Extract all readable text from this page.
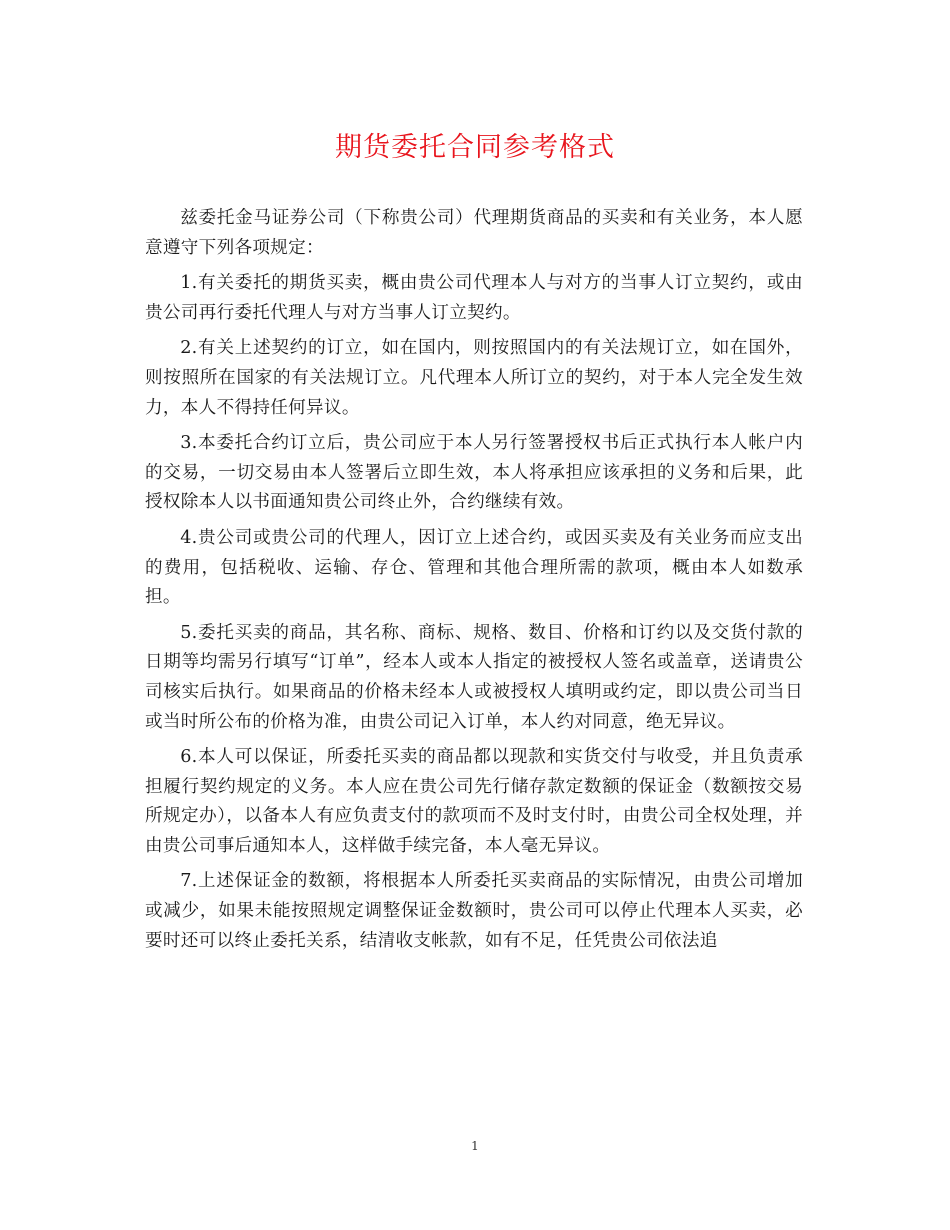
期货委托合同参考格式

兹委托金马证券公司（下称贵公司）代理期货商品的买卖和有关业务，本人愿意遵守下列各项规定：

1.有关委托的期货买卖，概由贵公司代理本人与对方的当事人订立契约，或由贵公司再行委托代理人与对方当事人订立契约。

2.有关上述契约的订立，如在国内，则按照国内的有关法规订立，如在国外，则按照所在国家的有关法规订立。凡代理本人所订立的契约，对于本人完全发生效力，本人不得持任何异议。

3.本委托合约订立后，贵公司应于本人另行签署授权书后正式执行本人帐户内的交易，一切交易由本人签署后立即生效，本人将承担应该承担的义务和后果，此授权除本人以书面通知贵公司终止外，合约继续有效。

4.贵公司或贵公司的代理人，因订立上述合约，或因买卖及有关业务而应支出的费用，包括税收、运输、存仓、管理和其他合理所需的款项，概由本人如数承担。

5.委托买卖的商品，其名称、商标、规格、数目、价格和订约以及交货付款的日期等均需另行填写“订单”，经本人或本人指定的被授权人签名或盖章，送请贵公司核实后执行。如果商品的价格未经本人或被授权人填明或约定，即以贵公司当日或当时所公布的价格为准，由贵公司记入订单，本人约对同意，绝无异议。

6.本人可以保证，所委托买卖的商品都以现款和实货交付与收受，并且负责承担履行契约规定的义务。本人应在贵公司先行储存款定数额的保证金（数额按交易所规定办），以备本人有应负责支付的款项而不及时支付时，由贵公司全权处理，并由贵公司事后通知本人，这样做手续完备，本人毫无异议。

7.上述保证金的数额，将根据本人所委托买卖商品的实际情况，由贵公司增加或减少，如果未能按照规定调整保证金数额时，贵公司可以停止代理本人买卖，必要时还可以终止委托关系，结清收支帐款，如有不足，任凭贵公司依法追

1
